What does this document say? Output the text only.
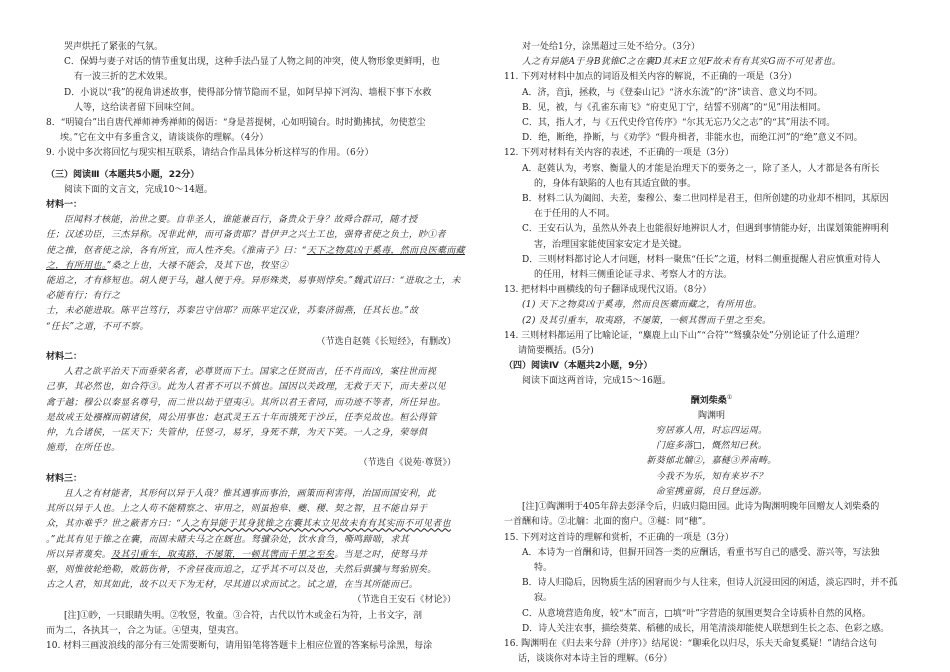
哭声烘托了紧张的气氛。

C．保姆与妻子对话的情节重复出现，这种手法凸显了人物之间的冲突，使人物形象更鲜明，也

有一波三折的艺术效果。

D．小说以“我”的视角讲述故事，使得部分情节隐而不显，如阿早掉下河沟、墙根下事下水救

人等，这给读者留下回味空间。

8．“明镜台”出自唐代禅师神秀禅师的偈语：“身是菩提树，心如明镜台。时时勤拂拭，勿使惹尘

埃。”它在文中有多重含义，请谈谈你的理解。（4分）

9. 小说中多次将回忆与现实相互联系，请结合作品具体分析这样写的作用。（6分）

（三）阅读Ⅲ（本题共5小题，22分）

阅读下面的文言文，完成10～14题。

材料一：

臣闻料才核能，治世之要。自非圣人，谁能兼百行，备贵众于身？故舜合群司，随才授

任；汉述功臣，三杰异称。况非此伸，而可备责耶？昔伊尹之兴土工也，强脊者使之负土，眇①者

使之推，伛者使之涂，各有所宜，而人性齐矣。《淮南子》曰：“天下之物莫凶于奚毒，然而良医橐而藏之，有所用也。”桑之上也，大禄不能会，及其下也，牧坚②

能追之，才有修短也。胡人便于马，越人便于舟。异形殊类，易事则悖矣。”魏武诏曰：“进取之士，未必能有行；有行之

士，未必能进取。陈平岂笃行，苏秦岂守信耶？而陈平定汉业，苏秦济弱燕，任其长也。”故

“任长”之道，不可不察。

（节选自赵蕤《长短经》，有删改）

材料二：

人君之欲平治天下而垂荣名者，必尊贤而下士。国家之任贤而吉，任不肖而凶，案往世而视

己事，其必然也，如合符③。此为人君者不可以不慎也。国因以关政理，无救于天下，而夫差以见

禽于越；穆公以秦显名尊号，而二世以劫于望夷④。其所以君王者同，而功迹不等者，所任异也。

是故成王处襁褓而朝诸侯，周公用事也；赵武灵王五十年而饿死于沙丘，任李兑故也。桓公得管

仲，九合诸侯，一匡天下；失管仲，任竖刁，易牙，身死不葬，为天下笑。一人之身，荣辱俱

施焉，在所任也。

（节选自《说苑·尊贤》）

材料三：

且人之有材能者，其形何以异于人哉？惟其遇事而事治，画策而利害得，治国而国安利，此

其所以异于人也。上之人苟不能精察之、审用之，则虽抱皋、夔、稷、契之智，且不能自异于

众，其亦难乎？世之蔽者方曰：“人之有异能于其身犹锥之在囊其末立见故未有有其实而不可见者也

。”此其有见于锥之在囊，而固未睹夫马之在厩也。驽骥杂处，饮水食刍，嘶鸣蹄啮，求其

所以异者蔑矣。及其引重车，取夷路，不屡策，一顿其辔而千里之至矣。当是之时，使驽马并

驱，则惟彼轮绝勒，败筋伤骨，不舍昼夜而追之，辽乎其不可以及也，夫然后骐骥与驽骀别矣。

古之人君，知其如此，故不以天下为无材，尽其道以求而试之。试之道，在当其所能而已。

（节选自王安石《材论》）

[注]①眇，一只眼睛失明。②牧竖，牧童。③合符，古代以竹木或金石为符，上书文字，剖

而为二，各执其一，合之为证。④望夷，望夷宫。

10. 材料三画波浪线的部分有三处需要断句，请用铅笔将答题卡上相应位置的答案标号涂黑，每涂

对一处给1分，涂黑超过三处不给分。（3分）

人之有异能A于身B犹锥C之在囊D其末E立见F故未有有其实G而不可见者也。

11. 下列对材料中加点的词语及相关内容的解说，不正确的一项是（3分）

A．济，音jì，拯救，与《登泰山记》“济水东流”的“济”读音、意义均不同。

B．见，被，与《孔雀东南飞》“府吏见丁宁，结誓不别离”的“见”用法相同。

C．其，指人才，与《五代史伶官传序》“尔其无忘乃父之志”的“其”用法不同。

D．绝，断绝，挣断，与《劝学》“假舟楫者，非能水也，而绝江河”的“绝”意义不同。

12. 下列对材料有关内容的表述，不正确的一项是（3分）

A．赵蕤认为，考察、衡量人的才能是治理天下的要务之一，除了圣人，人才都是各有所长

的，身体有缺陷的人也有其适宜做的事。

B．材料二认为阖闾、夫差，秦穆公、秦二世同样是君王，但所创建的功业却不相同，其原因

在于任用的人不同。

C．王安石认为，虽然从外表上也能很好地辨识人才，但遇到事情能办好，出谋划策能辨明利

害，治理国家能使国家安定才是关键。

D．三则材料都讨论人才问题，材料一聚焦“任长”之道，材料二侧重提醒人君应慎重对待人

的任用，材料三侧重论证寻求、考察人才的方法。

13. 把材料中画横线的句子翻译成现代汉语。（8分）

(1) 天下之物莫凶于奚毒，然而良医橐而藏之，有所用也。

(2) 及其引重车，取夷路，不屡策，一顿其辔而千里之至矣。

14. 三则材料都运用了比喻论证，“麋鹿上山下山”“合符”“驽骥杂处”分别论证了什么道理？

请简要概括。(5分)

（四）阅读Ⅳ（本题共2小题，9分）

阅读下面这两首诗，完成15～16题。

酬刘柴桑①

陶渊明

穷居寡人用，时忘四运周。

门庭多落□，慨然知已秋。

新葵郁北牖②，嘉穟③养南畴。

今我不为乐，知有来岁不？

命室携童弱，良日登远游。

[注]①陶渊明于405年辞去彭泽令后，归戚归隐田园。此诗为陶渊明晚年回赠友人刘柴桑的

一首酬和诗。②北牖：北面的窗户。③穟：同“穗”。

15. 下列对这首诗的理解和赏析，不正确的一项是（3分）

A．本诗为一首酬和诗，但摒开回答一类的应酬话，看重书写自己的感受、游兴等，写法独

特。

B．诗人归隐后，因物质生活的困窘而少与人往来，但诗人沉浸田园的闲适，淡忘四时，并不孤

寂。

C．从意境营造角度，较“木”而言，□填“叶”字营造的氛围更契合全诗质朴自然的风格。

D．诗人关注农事，描绘葵菜、稻穗的成长，用笔清淡却能使人联想到生长之态、色彩之感。

16. 陶渊明在《归去来兮辞（并序）》结尾说：“聊乘化以归尽，乐夫天命复奚疑！”请结合这句

话，谈谈你对本诗主旨的理解。（6分）
